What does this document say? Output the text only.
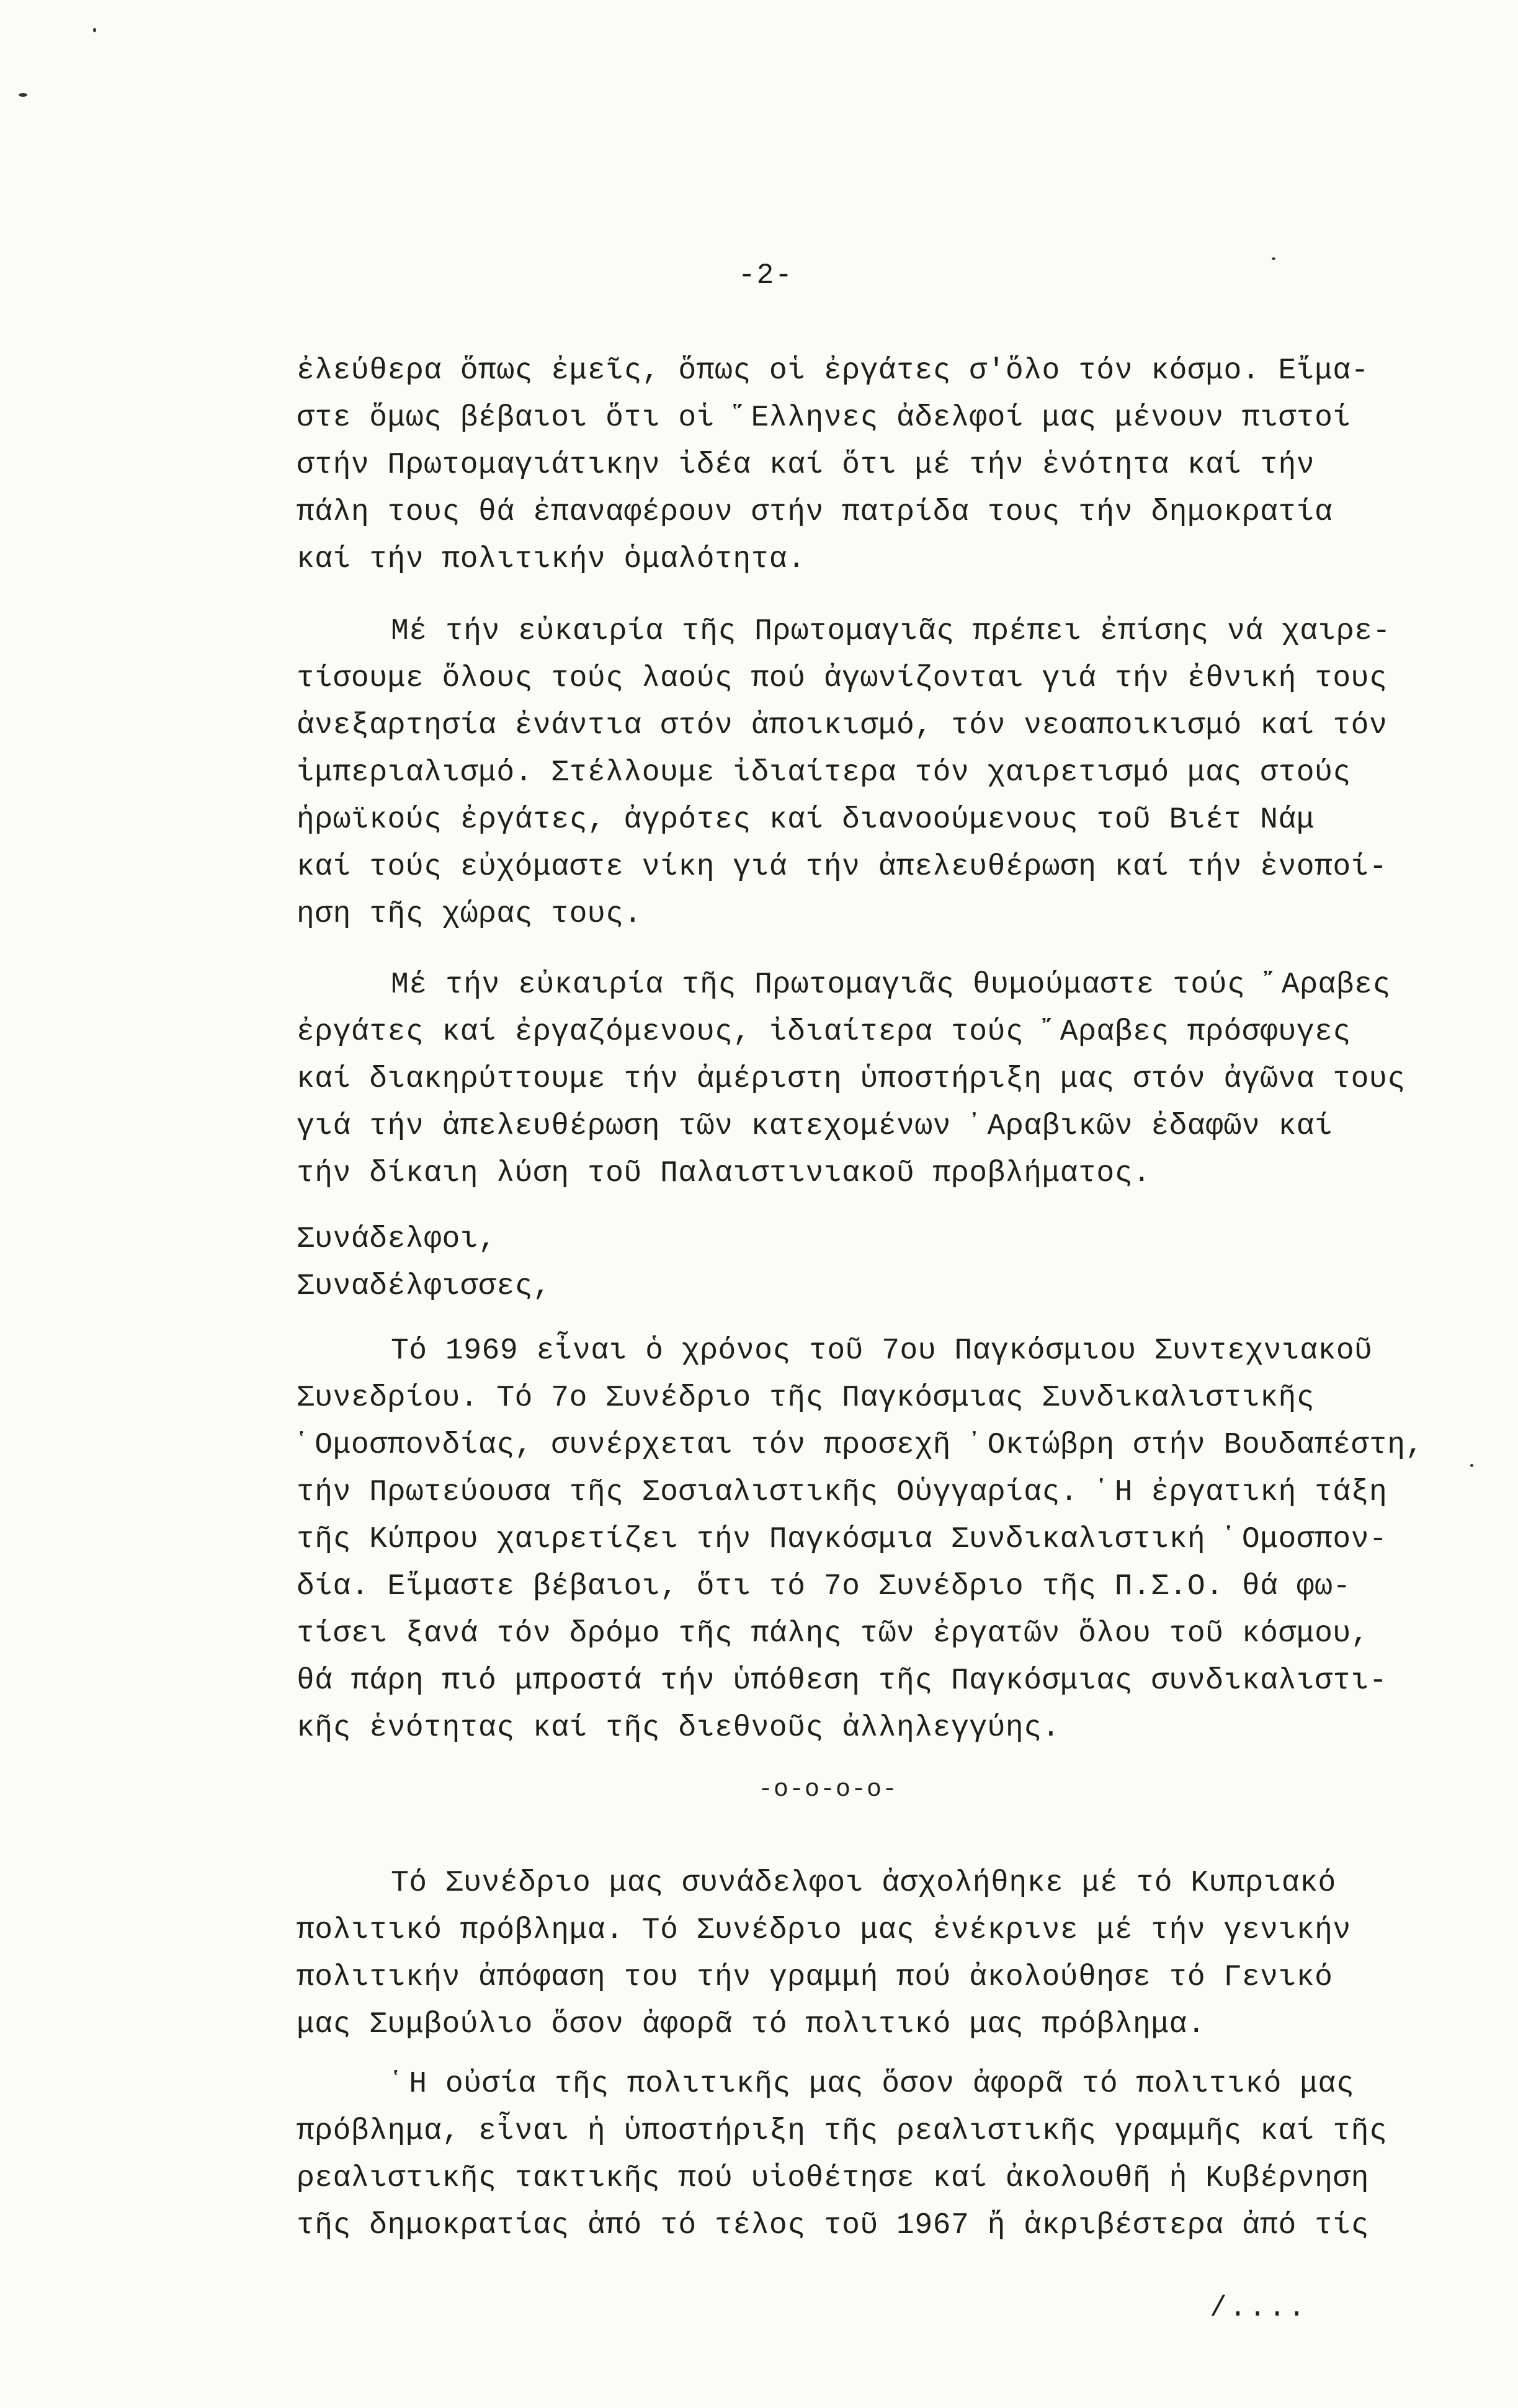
-2-
ἐλεύθερα ὅπως ἐμεῖς, ὅπως οἱ ἐργάτες σ'ὅλο τόν κόσμο. Εἴμα-
στε ὅμως βέβαιοι ὅτι οἱ ῞Ελληνες ἀδελφοί μας μένουν πιστοί
στήν Πρωτομαγιάτικην ἰδέα καί ὅτι μέ τήν ἑνότητα καί τήν
πάλη τους θά ἐπαναφέρουν στήν πατρίδα τους τήν δημοκρατία
καί τήν πολιτικήν ὁμαλότητα.
Μέ τήν εὐκαιρία τῆς Πρωτομαγιᾶς πρέπει ἐπίσης νά χαιρε-
τίσουμε ὅλους τούς λαούς πού ἀγωνίζονται γιά τήν ἐθνική τους
ἀνεξαρτησία ἐνάντια στόν ἀποικισμό, τόν νεοαποικισμό καί τόν
ἰμπεριαλισμό. Στέλλουμε ἰδιαίτερα τόν χαιρετισμό μας στούς
ἡρωϊκούς ἐργάτες, ἀγρότες καί διανοούμενους τοῦ Βιέτ Νάμ
καί τούς εὐχόμαστε νίκη γιά τήν ἀπελευθέρωση καί τήν ἑνοποί-
ηση τῆς χώρας τους.
Μέ τήν εὐκαιρία τῆς Πρωτομαγιᾶς θυμούμαστε τούς ῎Αραβες
ἐργάτες καί ἐργαζόμενους, ἰδιαίτερα τούς ῎Αραβες πρόσφυγες
καί διακηρύττουμε τήν ἀμέριστη ὑποστήριξη μας στόν ἀγῶνα τους
γιά τήν ἀπελευθέρωση τῶν κατεχομένων ᾽Αραβικῶν ἐδαφῶν καί
τήν δίκαιη λύση τοῦ Παλαιστινιακοῦ προβλήματος.
Συνάδελφοι,
Συναδέλφισσες,
Τό 1969 εἶναι ὁ χρόνος τοῦ 7ου Παγκόσμιου Συντεχνιακοῦ
Συνεδρίου. Τό 7ο Συνέδριο τῆς Παγκόσμιας Συνδικαλιστικῆς
῾Ομοσπονδίας, συνέρχεται τόν προσεχῆ ᾽Οκτώβρη στήν Βουδαπέστη,
τήν Πρωτεύουσα τῆς Σοσιαλιστικῆς Οὑγγαρίας. ῾Η ἐργατική τάξη
τῆς Κύπρου χαιρετίζει τήν Παγκόσμια Συνδικαλιστική ῾Ομοσπον-
δία. Εἴμαστε βέβαιοι, ὅτι τό 7ο Συνέδριο τῆς Π.Σ.Ο. θά φω-
τίσει ξανά τόν δρόμο τῆς πάλης τῶν ἐργατῶν ὅλου τοῦ κόσμου,
θά πάρη πιό μπροστά τήν ὑπόθεση τῆς Παγκόσμιας συνδικαλιστι-
κῆς ἑνότητας καί τῆς διεθνοῦς ἀλληλεγγύης.
-o-o-o-o-
Τό Συνέδριο μας συνάδελφοι ἀσχολήθηκε μέ τό Κυπριακό
πολιτικό πρόβλημα. Τό Συνέδριο μας ἐνέκρινε μέ τήν γενικήν
πολιτικήν ἀπόφαση του τήν γραμμή πού ἀκολούθησε τό Γενικό
μας Συμβούλιο ὅσον ἀφορᾶ τό πολιτικό μας πρόβλημα.
῾Η οὐσία τῆς πολιτικῆς μας ὅσον ἀφορᾶ τό πολιτικό μας
πρόβλημα, εἶναι ἡ ὑποστήριξη τῆς ρεαλιστικῆς γραμμῆς καί τῆς
ρεαλιστικῆς τακτικῆς πού υἱοθέτησε καί ἀκολουθῆ ἡ Κυβέρνηση
τῆς δημοκρατίας ἀπό τό τέλος τοῦ 1967 ἤ ἀκριβέστερα ἀπό τίς
/....
